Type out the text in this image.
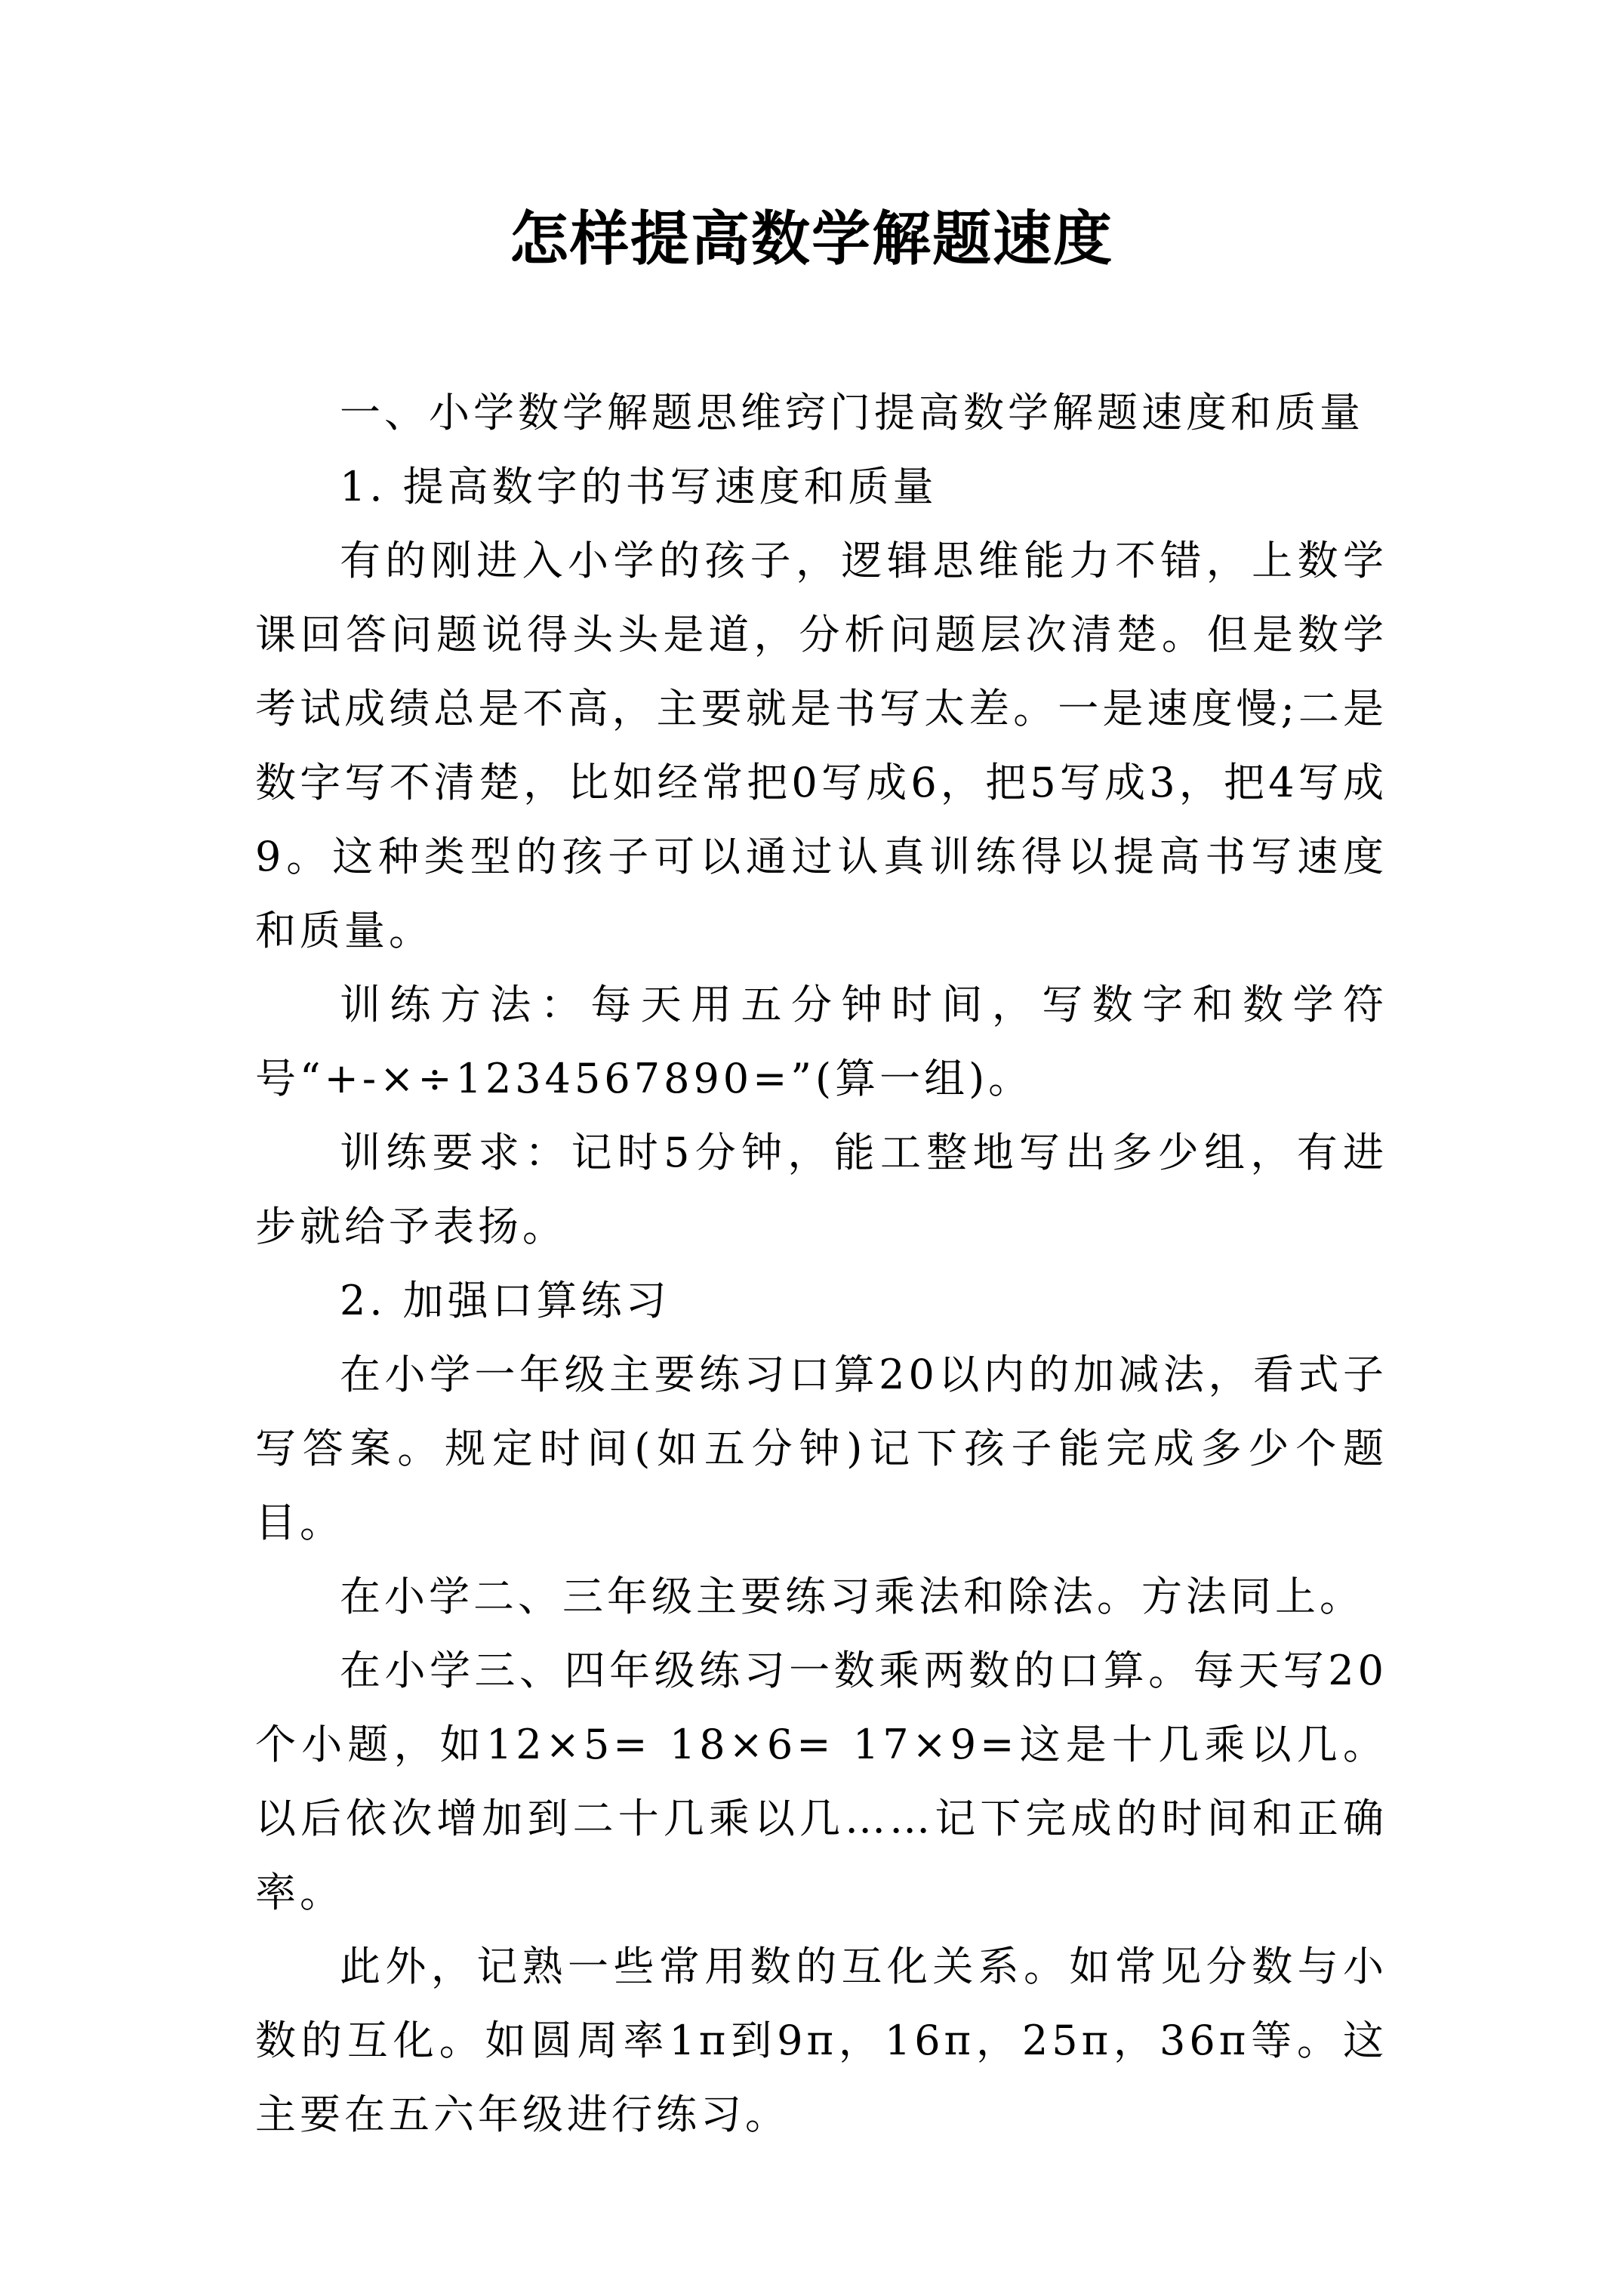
怎样提高数学解题速度

一、小学数学解题思维窍门提高数学解题速度和质量

1. 提高数字的书写速度和质量

有的刚进入小学的孩子，逻辑思维能力不错，上数学课回答问题说得头头是道，分析问题层次清楚。但是数学考试成绩总是不高，主要就是书写太差。一是速度慢;二是数字写不清楚，比如经常把0写成6，把5写成3，把4写成9。这种类型的孩子可以通过认真训练得以提高书写速度和质量。

训练方法：每天用五分钟时间，写数字和数学符号“+-×÷1234567890=”(算一组)。

训练要求：记时5分钟，能工整地写出多少组，有进步就给予表扬。

2. 加强口算练习

在小学一年级主要练习口算20以内的加减法，看式子写答案。规定时间(如五分钟)记下孩子能完成多少个题目。

在小学二、三年级主要练习乘法和除法。方法同上。

在小学三、四年级练习一数乘两数的口算。每天写20个小题，如12×5= 18×6= 17×9=这是十几乘以几。以后依次增加到二十几乘以几……记下完成的时间和正确率。

此外，记熟一些常用数的互化关系。如常见分数与小数的互化。如圆周率1π到9π，16π，25π，36π等。这主要在五六年级进行练习。
